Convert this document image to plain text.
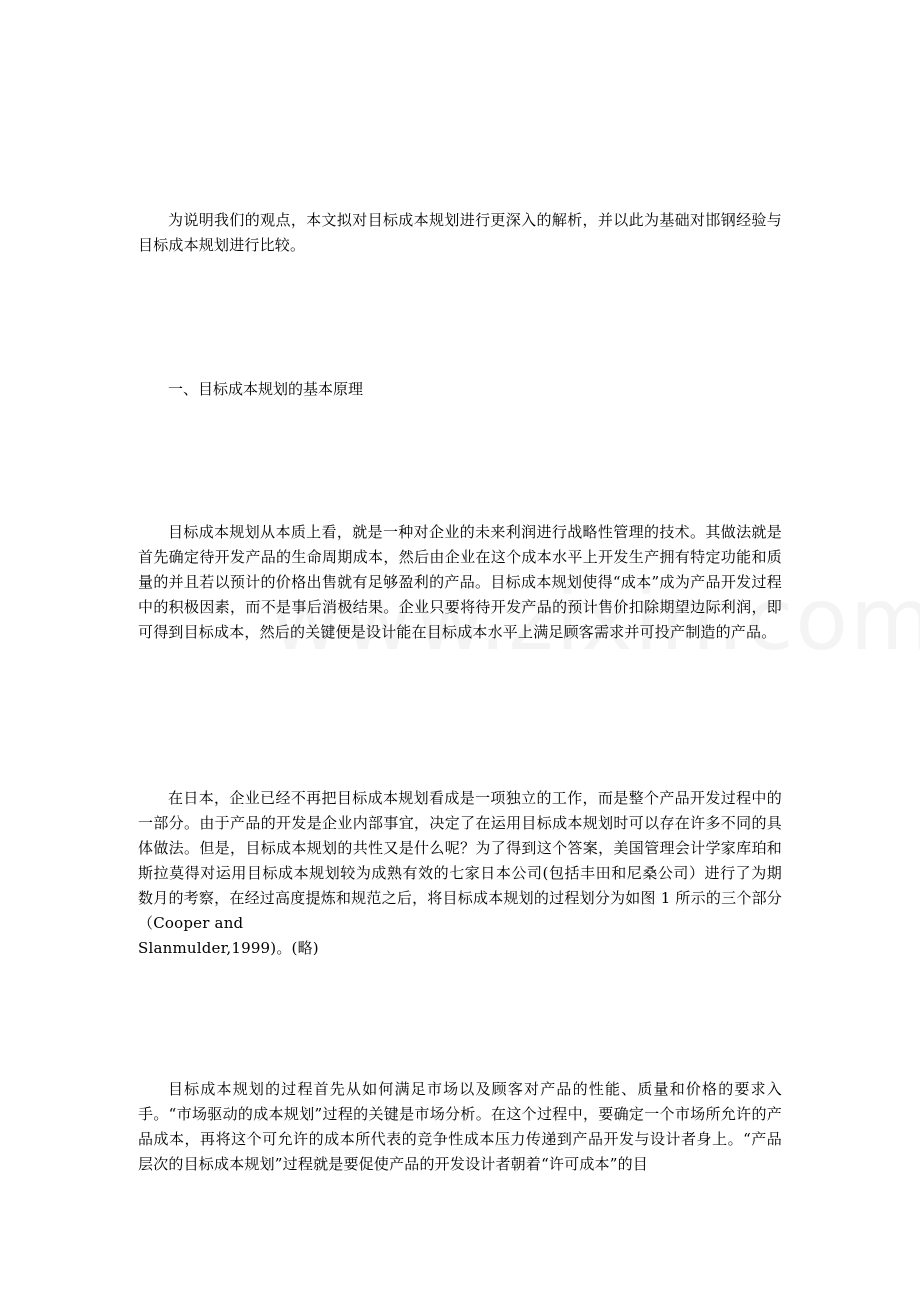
为说明我们的观点，本文拟对目标成本规划进行更深入的解析，并以此为基础对邯钢经验与目标成本规划进行比较。

一、目标成本规划的基本原理

目标成本规划从本质上看，就是一种对企业的未来利润进行战略性管理的技术。其做法就是首先确定待开发产品的生命周期成本，然后由企业在这个成本水平上开发生产拥有特定功能和质量的并且若以预计的价格出售就有足够盈利的产品。目标成本规划使得“成本”成为产品开发过程中的积极因素，而不是事后消极结果。企业只要将待开发产品的预计售价扣除期望边际利润，即可得到目标成本，然后的关键便是设计能在目标成本水平上满足顾客需求并可投产制造的产品。

在日本，企业已经不再把目标成本规划看成是一项独立的工作，而是整个产品开发过程中的一部分。由于产品的开发是企业内部事宜，决定了在运用目标成本规划时可以存在许多不同的具体做法。但是，目标成本规划的共性又是什么呢？为了得到这个答案，美国管理会计学家库珀和斯拉莫得对运用目标成本规划较为成熟有效的七家日本公司(包括丰田和尼桑公司）进行了为期数月的考察，在经过高度提炼和规范之后，将目标成本规划的过程划分为如图 1 所示的三个部分（Cooper and

Slanmulder,1999)。(略)

目标成本规划的过程首先从如何满足市场以及顾客对产品的性能、质量和价格的要求入手。“市场驱动的成本规划”过程的关键是市场分析。在这个过程中，要确定一个市场所允许的产品成本，再将这个可允许的成本所代表的竞争性成本压力传递到产品开发与设计者身上。“产品层次的目标成本规划”过程就是要促使产品的开发设计者朝着“许可成本”的目
